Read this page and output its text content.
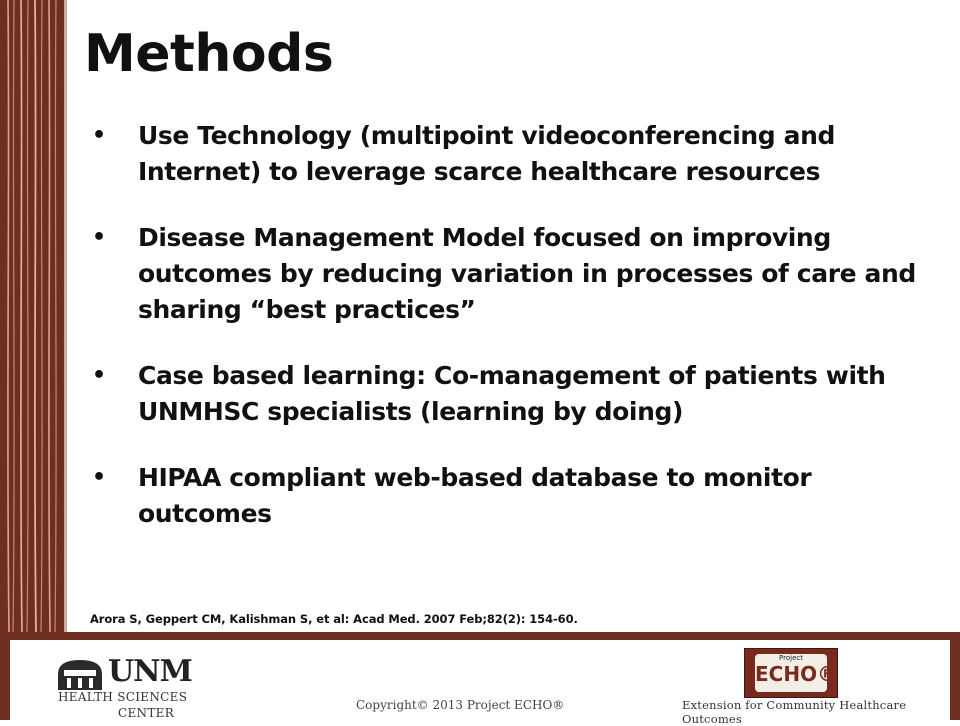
Methods
• Use Technology (multipoint videoconferencing and Internet) to leverage scarce healthcare resources
• Disease Management Model focused on improving outcomes by reducing variation in processes of care and sharing “best practices”
• Case based learning: Co-management of patients with UNMHSC specialists (learning by doing)
• HIPAA compliant web-based database to monitor outcomes
Arora S, Geppert CM, Kalishman S, et al: Acad Med. 2007 Feb;82(2): 154-60.
UNM
HEALTH SCIENCES
CENTER
Copyright© 2013 Project ECHO®
Project
ECHO®
Extension for Community Healthcare Outcomes
